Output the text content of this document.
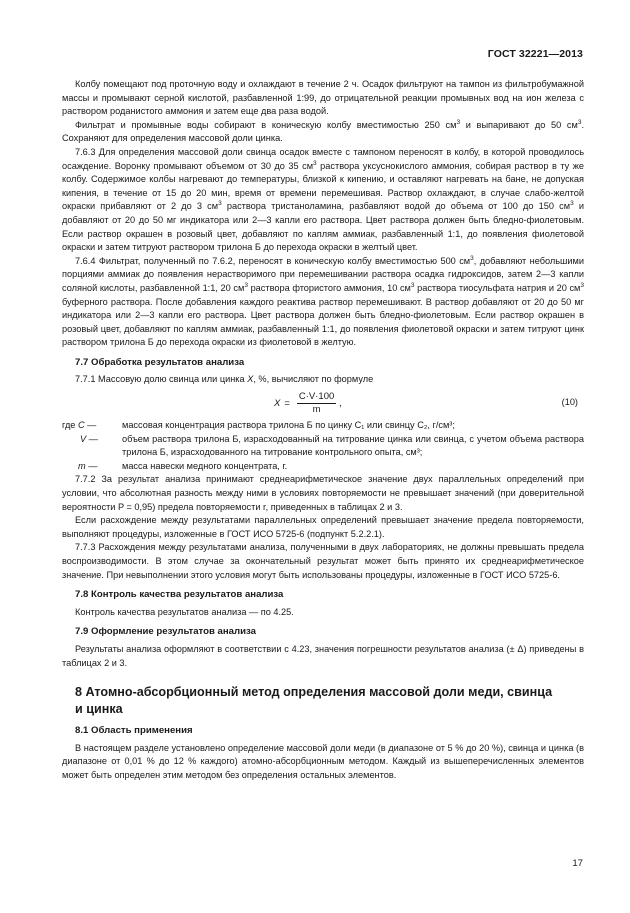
ГОСТ 32221—2013

Колбу помещают под проточную воду и охлаждают в течение 2 ч. Осадок фильтруют на тампон из фильтробумажной массы и промывают серной кислотой, разбавленной 1:99, до отрицательной реакции промывных вод на ион железа с раствором роданистого аммония и затем еще два раза водой.

Фильтрат и промывные воды собирают в коническую колбу вместимостью 250 $см^3$ и выпаривают до 50 $см^3$. Сохраняют для определения массовой доли цинка.

7.6.3 Для определения массовой доли свинца осадок вместе с тампоном переносят в колбу, в которой проводилось осаждение. Воронку промывают объемом от 30 до 35 $см^3$ раствора уксуснокислого аммония, собирая раствор в ту же колбу. Содержимое колбы нагревают до температуры, близкой к кипению, и оставляют нагревать на бане, не допуская кипения, в течение от 15 до 20 мин, время от времени перемешивая. Раствор охлаждают, в случае слабо-желтой окраски прибавляют от 2 до 3 $см^3$ раствора тристаноламина, разбавляют водой до объема от 100 до 150 $см^3$ и добавляют от 20 до 50 мг индикатора или 2—3 капли его раствора. Цвет раствора должен быть бледно-фиолетовым. Если раствор окрашен в розовый цвет, добавляют по каплям аммиак, разбавленный 1:1, до появления фиолетовой окраски и затем титруют раствором трилона Б до перехода окраски в желтый цвет.

7.6.4 Фильтрат, полученный по 7.6.2, переносят в коническую колбу вместимостью 500 $см^3$, добавляют небольшими порциями аммиак до появления нерастворимого при перемешивании раствора осадка гидроксидов, затем 2—3 капли соляной кислоты, разбавленной 1:1, 20 $см^3$ раствора фтористого аммония, 10 $см^3$ раствора тиосульфата натрия и 20 $см^3$ буферного раствора. После добавления каждого реактива раствор перемешивают. В раствор добавляют от 20 до 50 мг индикатора или 2—3 капли его раствора. Цвет раствора должен быть бледно-фиолетовым. Если раствор окрашен в розовый цвет, добавляют по каплям аммиак, разбавленный 1:1, до появления фиолетовой окраски и затем титруют цинк раствором трилона Б до перехода окраски из фиолетовой в желтую.

7.7 Обработка результатов анализа

7.7.1 Массовую долю свинца или цинка X, %, вычисляют по формуле

$X = \frac{C\cdot V\cdot 100}{m}$ ,	(10)
где C —	массовая концентрация раствора трилона Б по цинку C₁ или свинцу C₂, г/см³;
V —	объем раствора трилона Б, израсходованный на титрование цинка или свинца, с учетом объема раствора трилона Б, израсходованного на титрование контрольного опыта, см³;
m —	масса навески медного концентрата, г.

7.7.2 За результат анализа принимают среднеарифметическое значение двух параллельных определений при условии, что абсолютная разность между ними в условиях повторяемости не превышает значений (при доверительной вероятности P = 0,95) предела повторяемости r, приведенных в таблицах 2 и 3.

Если расхождение между результатами параллельных определений превышает значение предела повторяемости, выполняют процедуры, изложенные в ГОСТ ИСО 5725-6 (подпункт 5.2.2.1).

7.7.3 Расхождения между результатами анализа, полученными в двух лабораториях, не должны превышать предела воспроизводимости. В этом случае за окончательный результат может быть принято их среднеарифметическое значение. При невыполнении этого условия могут быть использованы процедуры, изложенные в ГОСТ ИСО 5725-6.

7.8 Контроль качества результатов анализа

Контроль качества результатов анализа — по 4.25.

7.9 Оформление результатов анализа

Результаты анализа оформляют в соответствии с 4.23, значения погрешности результатов анализа (± Δ) приведены в таблицах 2 и 3.

8 Атомно-абсорбционный метод определения массовой доли меди, свинца
и цинка
8.1 Область применения

В настоящем разделе установлено определение массовой доли меди (в диапазоне от 5 % до 20 %), свинца и цинка (в диапазоне от 0,01 % до 12 % каждого) атомно-абсорбционным методом. Каждый из вышеперечисленных элементов может быть определен этим методом без определения остальных элементов.

17
